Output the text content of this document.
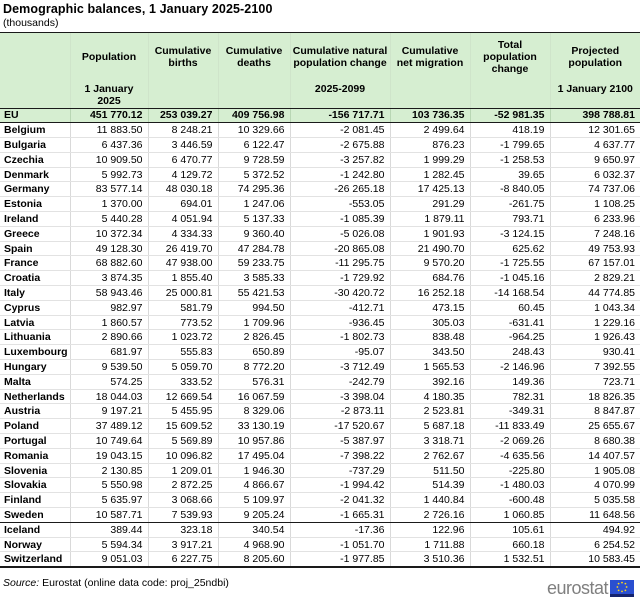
Demographic balances, 1 January 2025-2100
(thousands)
	Population	Cumulative births	Cumulative deaths	Cumulative natural population change	Cumulative net migration	Total population change	Projected population
	1 January 2025			2025-2099			1 January 2100
EU	451 770.12	253 039.27	409 756.98	-156 717.71	103 736.35	-52 981.35	398 788.81
Belgium	11 883.50	8 248.21	10 329.66	-2 081.45	2 499.64	418.19	12 301.65
Bulgaria	6 437.36	3 446.59	6 122.47	-2 675.88	876.23	-1 799.65	4 637.77
Czechia	10 909.50	6 470.77	9 728.59	-3 257.82	1 999.29	-1 258.53	9 650.97
Denmark	5 992.73	4 129.72	5 372.52	-1 242.80	1 282.45	39.65	6 032.37
Germany	83 577.14	48 030.18	74 295.36	-26 265.18	17 425.13	-8 840.05	74 737.06
Estonia	1 370.00	694.01	1 247.06	-553.05	291.29	-261.75	1 108.25
Ireland	5 440.28	4 051.94	5 137.33	-1 085.39	1 879.11	793.71	6 233.96
Greece	10 372.34	4 334.33	9 360.40	-5 026.08	1 901.93	-3 124.15	7 248.16
Spain	49 128.30	26 419.70	47 284.78	-20 865.08	21 490.70	625.62	49 753.93
France	68 882.60	47 938.00	59 233.75	-11 295.75	9 570.20	-1 725.55	67 157.01
Croatia	3 874.35	1 855.40	3 585.33	-1 729.92	684.76	-1 045.16	2 829.21
Italy	58 943.46	25 000.81	55 421.53	-30 420.72	16 252.18	-14 168.54	44 774.85
Cyprus	982.97	581.79	994.50	-412.71	473.15	60.45	1 043.34
Latvia	1 860.57	773.52	1 709.96	-936.45	305.03	-631.41	1 229.16
Lithuania	2 890.66	1 023.72	2 826.45	-1 802.73	838.48	-964.25	1 926.43
Luxembourg	681.97	555.83	650.89	-95.07	343.50	248.43	930.41
Hungary	9 539.50	5 059.70	8 772.20	-3 712.49	1 565.53	-2 146.96	7 392.55
Malta	574.25	333.52	576.31	-242.79	392.16	149.36	723.71
Netherlands	18 044.03	12 669.54	16 067.59	-3 398.04	4 180.35	782.31	18 826.35
Austria	9 197.21	5 455.95	8 329.06	-2 873.11	2 523.81	-349.31	8 847.87
Poland	37 489.12	15 609.52	33 130.19	-17 520.67	5 687.18	-11 833.49	25 655.67
Portugal	10 749.64	5 569.89	10 957.86	-5 387.97	3 318.71	-2 069.26	8 680.38
Romania	19 043.15	10 096.82	17 495.04	-7 398.22	2 762.67	-4 635.56	14 407.57
Slovenia	2 130.85	1 209.01	1 946.30	-737.29	511.50	-225.80	1 905.08
Slovakia	5 550.98	2 872.25	4 866.67	-1 994.42	514.39	-1 480.03	4 070.99
Finland	5 635.97	3 068.66	5 109.97	-2 041.32	1 440.84	-600.48	5 035.58
Sweden	10 587.71	7 539.93	9 205.24	-1 665.31	2 726.16	1 060.85	11 648.56
Iceland	389.44	323.18	340.54	-17.36	122.96	105.61	494.92
Norway	5 594.34	3 917.21	4 968.90	-1 051.70	1 711.88	660.18	6 254.52
Switzerland	9 051.03	6 227.75	8 205.60	-1 977.85	3 510.36	1 532.51	10 583.45
Source: Eurostat (online data code: proj_25ndbi)	eurostat
